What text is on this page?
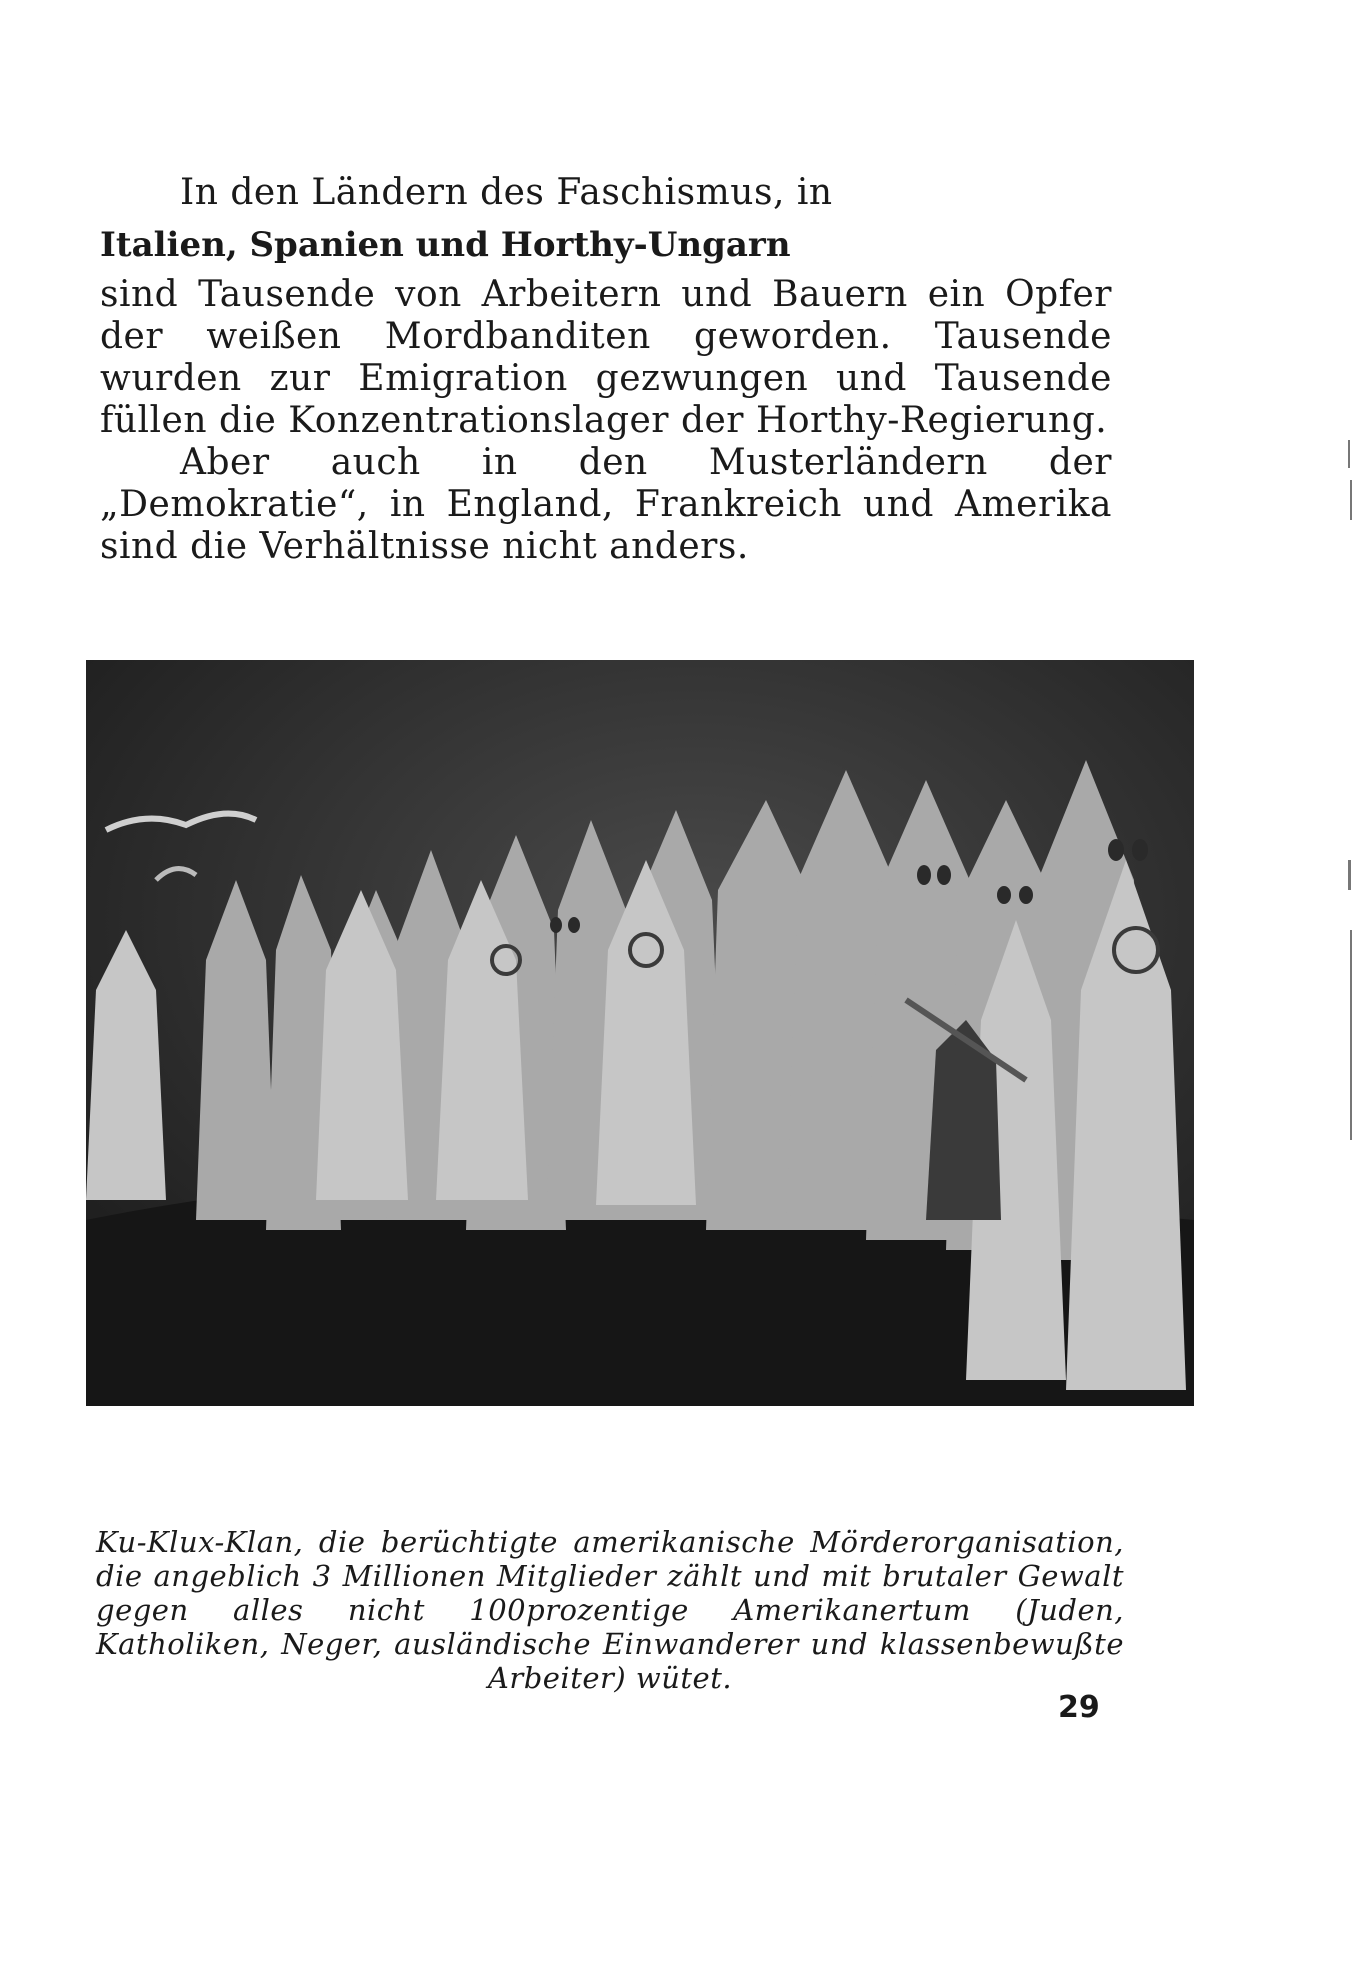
In den Ländern des Faschismus, in

Italien, Spanien und Horthy-Ungarn

sind Tausende von Arbeitern und Bauern ein Opfer der weißen Mordbanditen geworden. Tausende wurden zur Emigration gezwungen und Tausende füllen die Konzentrationslager der Horthy-Regierung.

Aber auch in den Musterländern der „Demokratie“, in England, Frankreich und Amerika sind die Verhältnisse nicht anders.

Ku-Klux-Klan, die berüchtigte amerikanische Mörderorganisation, die angeblich 3 Millionen Mitglieder zählt und mit brutaler Gewalt gegen alles nicht 100prozentige Amerikanertum (Juden, Katholiken, Neger, ausländische Einwanderer und klassenbewußte Arbeiter) wütet.

29
